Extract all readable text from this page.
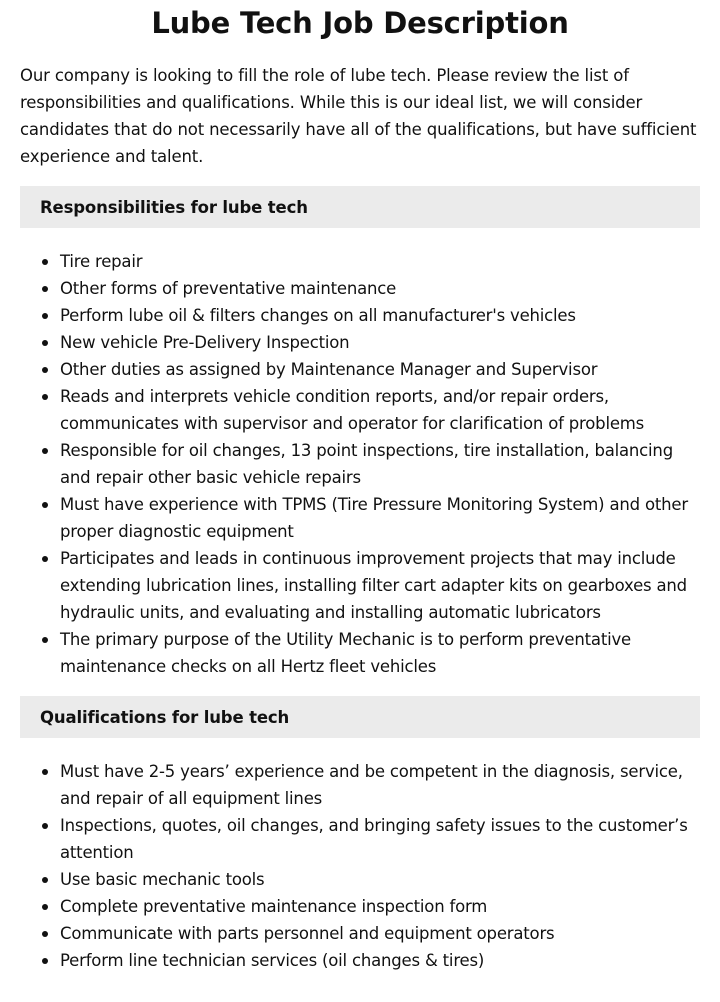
Lube Tech Job Description

Our company is looking to fill the role of lube tech. Please review the list of responsibilities and qualifications. While this is our ideal list, we will consider candidates that do not necessarily have all of the qualifications, but have sufficient experience and talent.

Responsibilities for lube tech
Tire repair
Other forms of preventative maintenance
Perform lube oil & filters changes on all manufacturer's vehicles
New vehicle Pre-Delivery Inspection
Other duties as assigned by Maintenance Manager and Supervisor
Reads and interprets vehicle condition reports, and/or repair orders, communicates with supervisor and operator for clarification of problems
Responsible for oil changes, 13 point inspections, tire installation, balancing and repair other basic vehicle repairs
Must have experience with TPMS (Tire Pressure Monitoring System) and other proper diagnostic equipment
Participates and leads in continuous improvement projects that may include extending lubrication lines, installing filter cart adapter kits on gearboxes and hydraulic units, and evaluating and installing automatic lubricators
The primary purpose of the Utility Mechanic is to perform preventative maintenance checks on all Hertz fleet vehicles
Qualifications for lube tech
Must have 2-5 years’ experience and be competent in the diagnosis, service, and repair of all equipment lines
Inspections, quotes, oil changes, and bringing safety issues to the customer’s attention
Use basic mechanic tools
Complete preventative maintenance inspection form
Communicate with parts personnel and equipment operators
Perform line technician services (oil changes & tires)
